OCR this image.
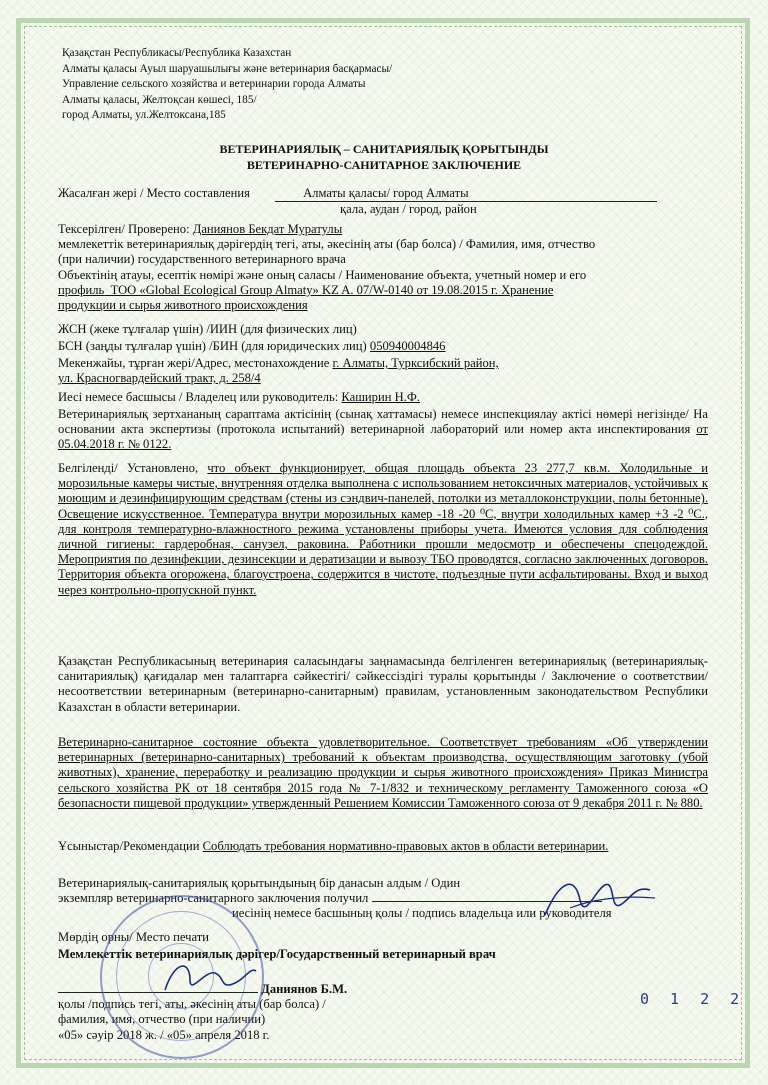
Қазақстан Республикасы/Республика Казахстан
Алматы қаласы Ауыл шаруашылығы және ветеринария басқармасы/
Управление сельского хозяйства и ветеринарии города Алматы
Алматы қаласы, Желтоқсан көшесі, 185/
город Алматы, ул.Желтоксана,185
ВЕТЕРИНАРИЯЛЫҚ – САНИТАРИЯЛЫҚ ҚОРЫТЫНДЫ
ВЕТЕРИНАРНО-САНИТАРНОЕ ЗАКЛЮЧЕНИЕ
Жасалған жері / Место составления	Алматы қаласы/ город Алматы
қала, аудан / город, район
Тексерілген/ Проверено: Даниянов Бекдат Муратулы
мемлекеттік ветеринариялық дәрігердің тегі, аты, әкесінің аты (бар болса) / Фамилия, имя, отчество
(при наличии) государственного ветеринарного врача
Объектінің атауы, есептік нөмірі және оның саласы / Наименование объекта, учетный номер и его
профиль ТОО «Global Ecological Group Almaty» KZ A. 07/W-0140 от 19.08.2015 г. Хранение
продукции и сырья животного происхождения
ЖСН (жеке тұлғалар үшін) /ИИН (для физических лиц)
БСН (заңды тұлғалар үшін) /БИН (для юридических лиц) 050940004846
Мекенжайы, тұрған жері/Адрес, местонахождение г. Алматы, Турксибский район,
ул. Красногвардейский тракт, д. 258/4
Иесі немесе басшысы / Владелец или руководитель: Каширин Н.Ф.
Ветеринариялық зертхананың сараптама актісінің (сынақ хаттамасы) немесе инспекциялау актісі нөмері негізінде/ На основании акта экспертизы (протокола испытаний) ветеринарной лабораторий или номер акта инспектирования от 05.04.2018 г. № 0122.
Белгіленді/ Установлено, что объект функционирует, общая площадь объекта 23 277,7 кв.м. Холодильные и морозильные камеры чистые, внутренняя отделка выполнена с использованием нетоксичных материалов, устойчивых к моющим и дезинфицирующим средствам (стены из сэндвич-панелей, потолки из металлоконструкции, полы бетонные). Освещение искусственное. Температура внутри морозильных камер -18 -20 ⁰С, внутри холодильных камер +3 -2 ⁰С., для контроля температурно-влажностного режима установлены приборы учета. Имеются условия для соблюдения личной гигиены: гардеробная, санузел, раковина. Работники прошли медосмотр и обеспечены спецодеждой. Мероприятия по дезинфекции, дезинсекции и дератизации и вывозу ТБО проводятся, согласно заключенных договоров. Территория объекта огорожена, благоустроена, содержится в чистоте, подъездные пути асфальтированы. Вход и выход через контрольно-пропускной пункт.
Қазақстан Республикасының ветеринария саласындағы заңнамасында белгіленген ветеринариялық (ветеринариялық-санитариялық) қағидалар мен талаптарға сәйкестігі/ сәйкессіздігі туралы қорытынды / Заключение о соответствии/ несоответствии ветеринарным (ветеринарно-санитарным) правилам, установленным законодательством Республики Казахстан в области ветеринарии.
Ветеринарно-санитарное состояние объекта удовлетворительное. Соответствует требованиям «Об утверждении ветеринарных (ветеринарно-санитарных) требований к объектам производства, осуществляющим заготовку (убой животных), хранение, переработку и реализацию продукции и сырья животного происхождения» Приказ Министра сельского хозяйства РК от 18 сентября 2015 года № 7-1/832 и техническому регламенту Таможенного союза «О безопасности пищевой продукции» утвержденный Решением Комиссии Таможенного союза от 9 декабря 2011 г. № 880.
Ұсыныстар/Рекомендации Соблюдать требования нормативно-правовых актов в области ветеринарии.
Ветеринариялық-санитариялық қорытындының бір данасын алдым / Один
экземпляр ветеринарно-санитарного заключения получил
иесінің немесе басшының қолы / подпись владельца или руководителя
Мөрдің орны/ Место печати
Мемлекеттік ветеринариялық дәрігер/Государственный ветеринарный врач
Даниянов Б.М.
қолы /подпись тегі, аты, әкесінің аты (бар болса) /
фамилия, имя, отчество (при наличии)
«05» сәуір 2018 ж. / «05» апреля 2018 г.
0 1 2 2
